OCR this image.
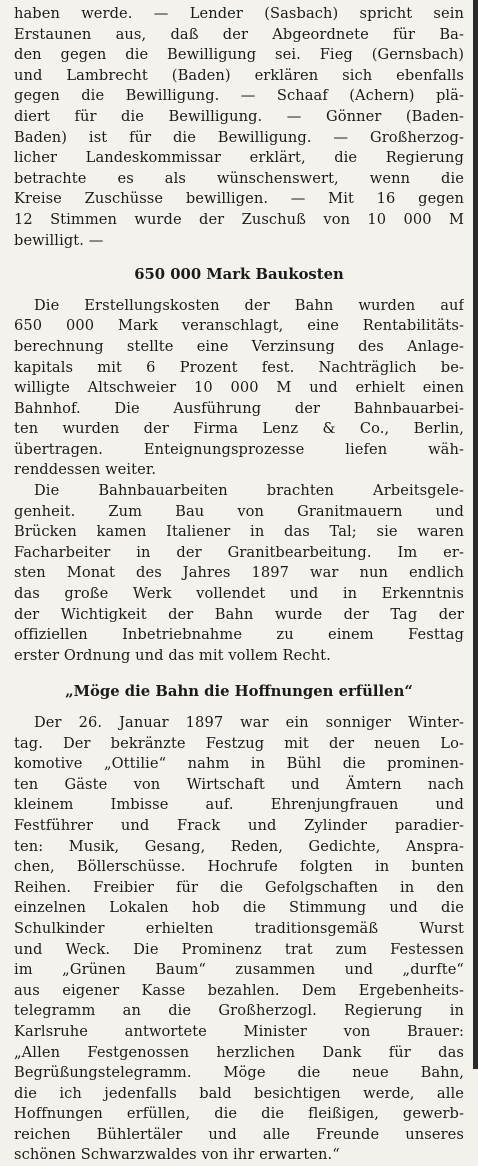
haben werde. — Lender (Sasbach) spricht sein
Erstaunen aus, daß der Abgeordnete für Ba-
den gegen die Bewilligung sei. Fieg (Gernsbach)
und Lambrecht (Baden) erklären sich ebenfalls
gegen die Bewilligung. — Schaaf (Achern) plä-
diert für die Bewilligung. — Gönner (Baden-
Baden) ist für die Bewilligung. — Großherzog-
licher Landeskommissar erklärt, die Regierung
betrachte es als wünschenswert, wenn die
Kreise Zuschüsse bewilligen. — Mit 16 gegen
12 Stimmen wurde der Zuschuß von 10 000 M
bewilligt. —
650 000 Mark Baukosten
Die Erstellungskosten der Bahn wurden auf
650 000 Mark veranschlagt, eine Rentabilitäts-
berechnung stellte eine Verzinsung des Anlage-
kapitals mit 6 Prozent fest. Nachträglich be-
willigte Altschweier 10 000 M und erhielt einen
Bahnhof. Die Ausführung der Bahnbauarbei-
ten wurden der Firma Lenz & Co., Berlin,
übertragen. Enteignungsprozesse liefen wäh-
renddessen weiter.
Die Bahnbauarbeiten brachten Arbeitsgele-
genheit. Zum Bau von Granitmauern und
Brücken kamen Italiener in das Tal; sie waren
Facharbeiter in der Granitbearbeitung. Im er-
sten Monat des Jahres 1897 war nun endlich
das große Werk vollendet und in Erkenntnis
der Wichtigkeit der Bahn wurde der Tag der
offiziellen Inbetriebnahme zu einem Festtag
erster Ordnung und das mit vollem Recht.
„Möge die Bahn die Hoffnungen erfüllen“
Der 26. Januar 1897 war ein sonniger Winter-
tag. Der bekränzte Festzug mit der neuen Lo-
komotive „Ottilie“ nahm in Bühl die prominen-
ten Gäste von Wirtschaft und Ämtern nach
kleinem Imbisse auf. Ehrenjungfrauen und
Festführer und Frack und Zylinder paradier-
ten: Musik, Gesang, Reden, Gedichte, Anspra-
chen, Böllerschüsse. Hochrufe folgten in bunten
Reihen. Freibier für die Gefolgschaften in den
einzelnen Lokalen hob die Stimmung und die
Schulkinder erhielten traditionsgemäß Wurst
und Weck. Die Prominenz trat zum Festessen
im „Grünen Baum“ zusammen und „durfte“
aus eigener Kasse bezahlen. Dem Ergebenheits-
telegramm an die Großherzogl. Regierung in
Karlsruhe antwortete Minister von Brauer:
„Allen Festgenossen herzlichen Dank für das
Begrüßungstelegramm. Möge die neue Bahn,
die ich jedenfalls bald besichtigen werde, alle
Hoffnungen erfüllen, die die fleißigen, gewerb-
reichen Bühlertäler und alle Freunde unseres
schönen Schwarzwaldes von ihr erwarten.“
